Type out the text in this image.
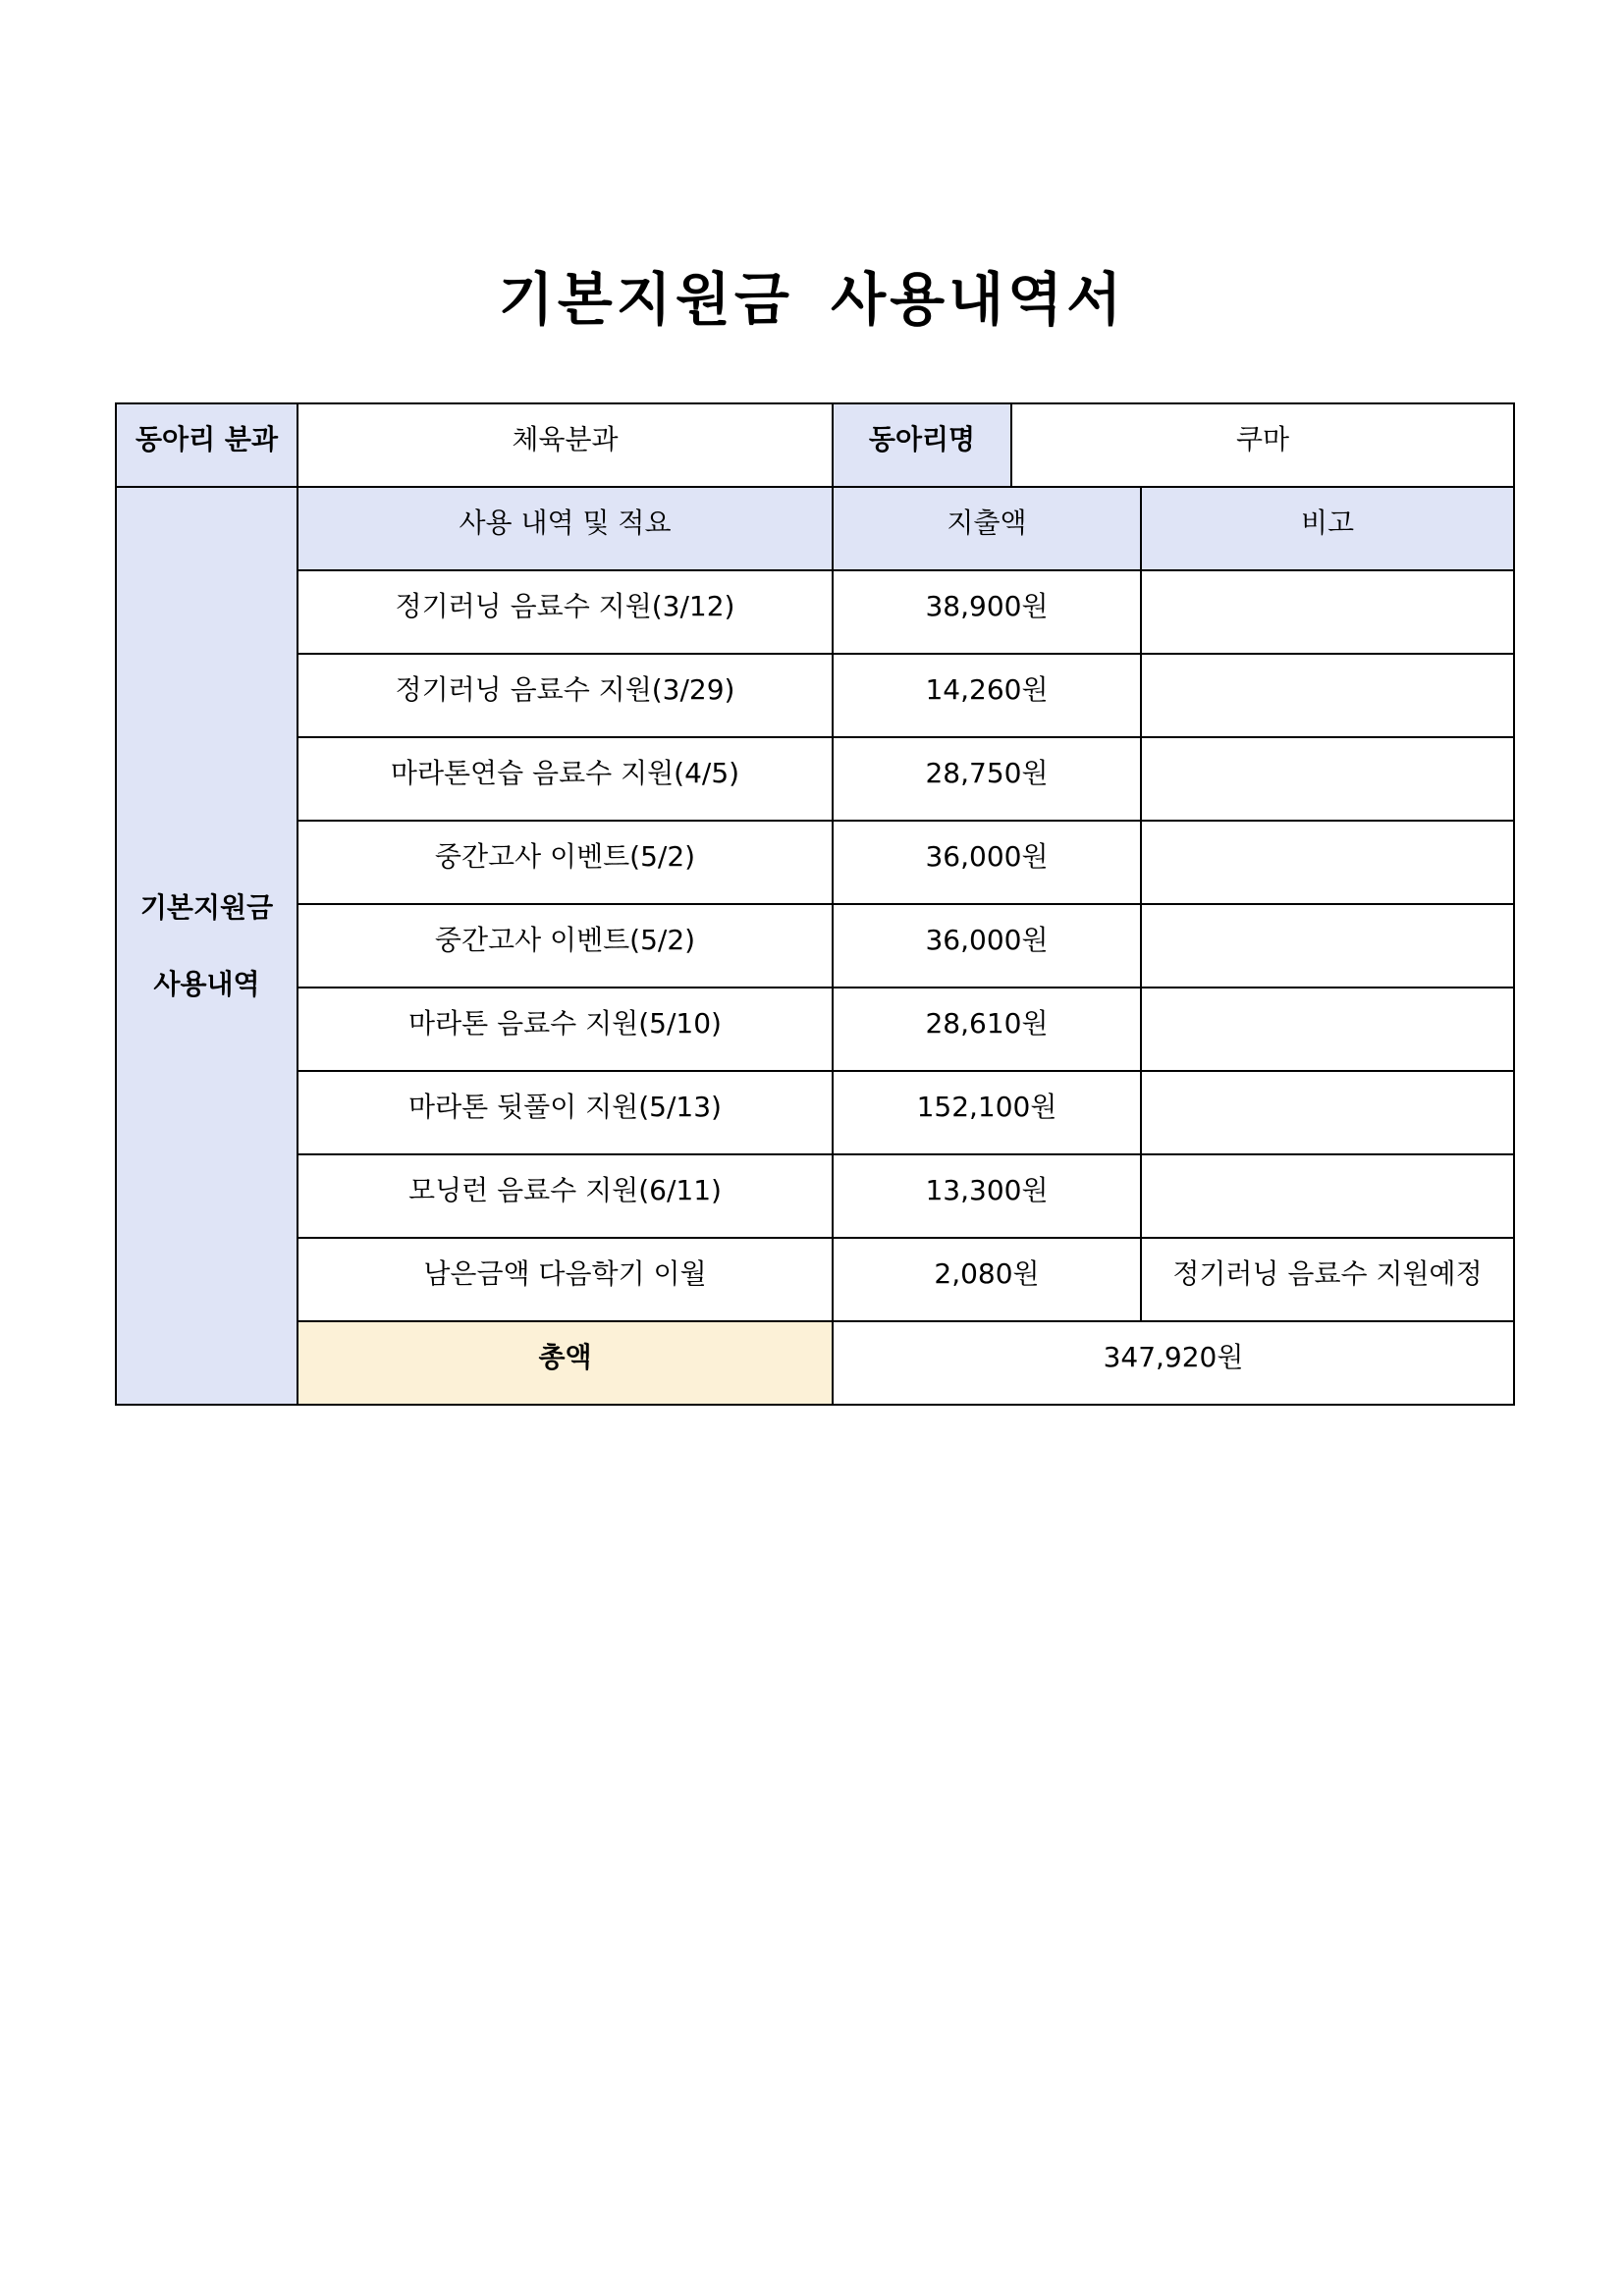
기본지원금 사용내역서
동아리 분과	체육분과	동아리명	쿠마	

기본지원금
사용내역	사용 내역 및 적요	지출액		비고
	정기러닝 음료수 지원(3/12)	38,900원		
	정기러닝 음료수 지원(3/29)	14,260원		
	마라톤연습 음료수 지원(4/5)	28,750원		
	중간고사 이벤트(5/2)	36,000원		
	중간고사 이벤트(5/2)	36,000원		
	마라톤 음료수 지원(5/10)	28,610원		
	마라톤 뒷풀이 지원(5/13)	152,100원		
	모닝런 음료수 지원(6/11)	13,300원		
	남은금액 다음학기 이월	2,080원		정기러닝 음료수 지원예정
	총액	347,920원		
